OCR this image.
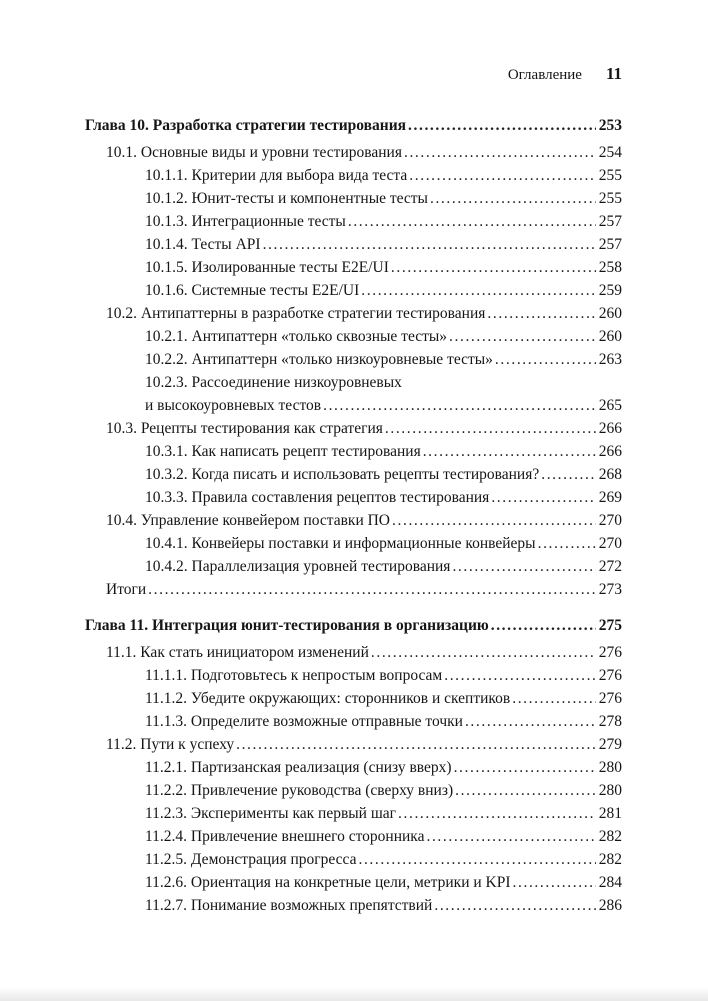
Оглавление 11
Глава 10. Разработка стратегии тестирования .....	253
10.1. Основные виды и уровни тестирования .....	254
10.1.1. Критерии для выбора вида теста .....	255
10.1.2. Юнит-тесты и компонентные тесты .....	255
10.1.3. Интеграционные тесты .....	257
10.1.4. Тесты API .....	257
10.1.5. Изолированные тесты E2E/UI .....	258
10.1.6. Системные тесты E2E/UI .....	259
10.2. Антипаттерны в разработке стратегии тестирования .....	260
10.2.1. Антипаттерн «только сквозные тесты» .....	260
10.2.2. Антипаттерн «только низкоуровневые тесты» .....	263
10.2.3. Рассоединение низкоуровневых
и высокоуровневых тестов .....	265
10.3. Рецепты тестирования как стратегия .....	266
10.3.1. Как написать рецепт тестирования .....	266
10.3.2. Когда писать и использовать рецепты тестирования? .....	268
10.3.3. Правила составления рецептов тестирования .....	269
10.4. Управление конвейером поставки ПО .....	270
10.4.1. Конвейеры поставки и информационные конвейеры .....	270
10.4.2. Параллелизация уровней тестирования .....	272
Итоги .....	273
Глава 11. Интеграция юнит-тестирования в организацию .....	275
11.1. Как стать инициатором изменений .....	276
11.1.1. Подготовьтесь к непростым вопросам .....	276
11.1.2. Убедите окружающих: сторонников и скептиков .....	276
11.1.3. Определите возможные отправные точки .....	278
11.2. Пути к успеху .....	279
11.2.1. Партизанская реализация (снизу вверх) .....	280
11.2.2. Привлечение руководства (сверху вниз) .....	280
11.2.3. Эксперименты как первый шаг .....	281
11.2.4. Привлечение внешнего сторонника .....	282
11.2.5. Демонстрация прогресса .....	282
11.2.6. Ориентация на конкретные цели, метрики и KPI .....	284
11.2.7. Понимание возможных препятствий .....	286
